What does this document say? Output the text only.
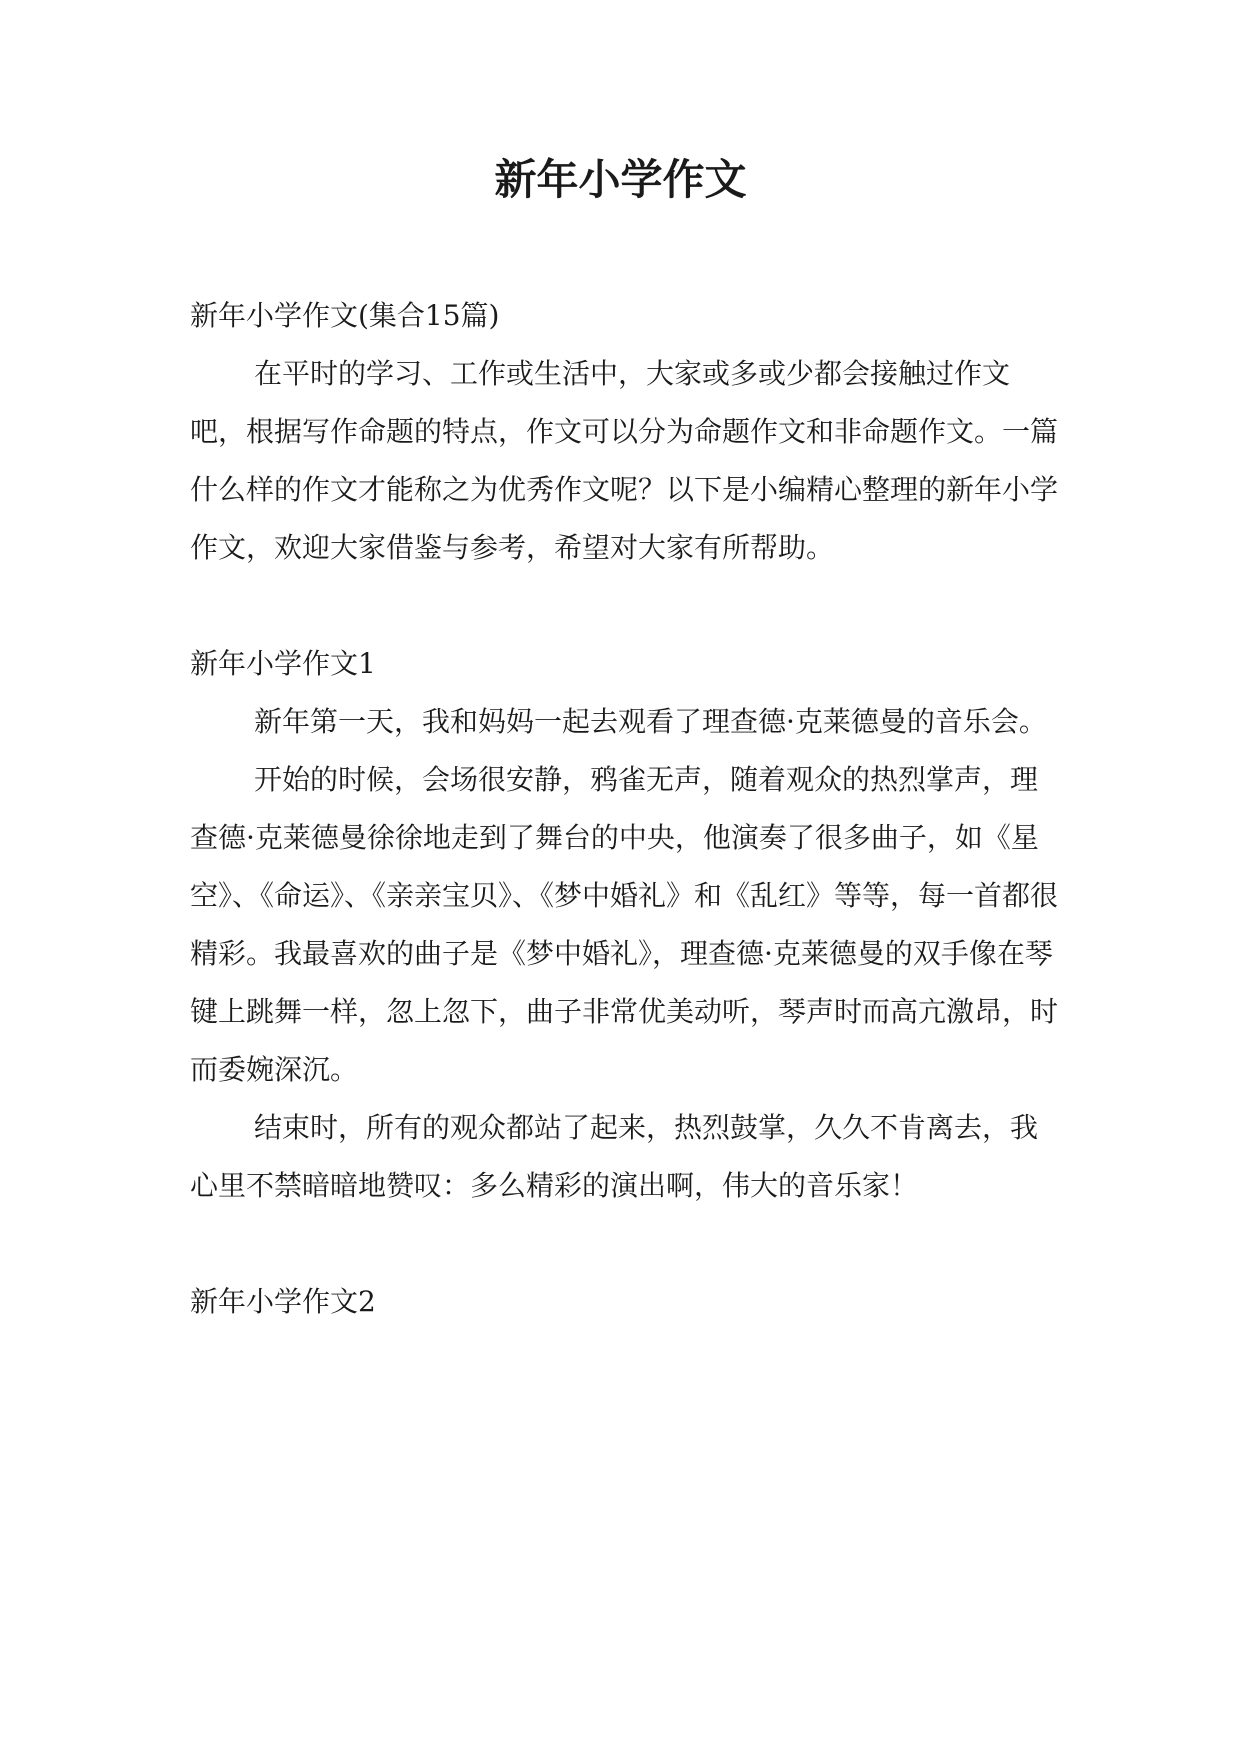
新年小学作文

新年小学作文(集合15篇)

在平时的学习、工作或生活中，大家或多或少都会接触过作文吧，根据写作命题的特点，作文可以分为命题作文和非命题作文。一篇什么样的作文才能称之为优秀作文呢？以下是小编精心整理的新年小学作文，欢迎大家借鉴与参考，希望对大家有所帮助。

新年小学作文1

新年第一天，我和妈妈一起去观看了理查德·克莱德曼的音乐会。

开始的时候，会场很安静，鸦雀无声，随着观众的热烈掌声，理查德·克莱德曼徐徐地走到了舞台的中央，他演奏了很多曲子，如《星空》、《命运》、《亲亲宝贝》、《梦中婚礼》和《乱红》等等，每一首都很精彩。我最喜欢的曲子是《梦中婚礼》，理查德·克莱德曼的双手像在琴键上跳舞一样，忽上忽下，曲子非常优美动听，琴声时而高亢激昂，时而委婉深沉。

结束时，所有的观众都站了起来，热烈鼓掌，久久不肯离去，我心里不禁暗暗地赞叹：多么精彩的演出啊，伟大的音乐家！

新年小学作文2
